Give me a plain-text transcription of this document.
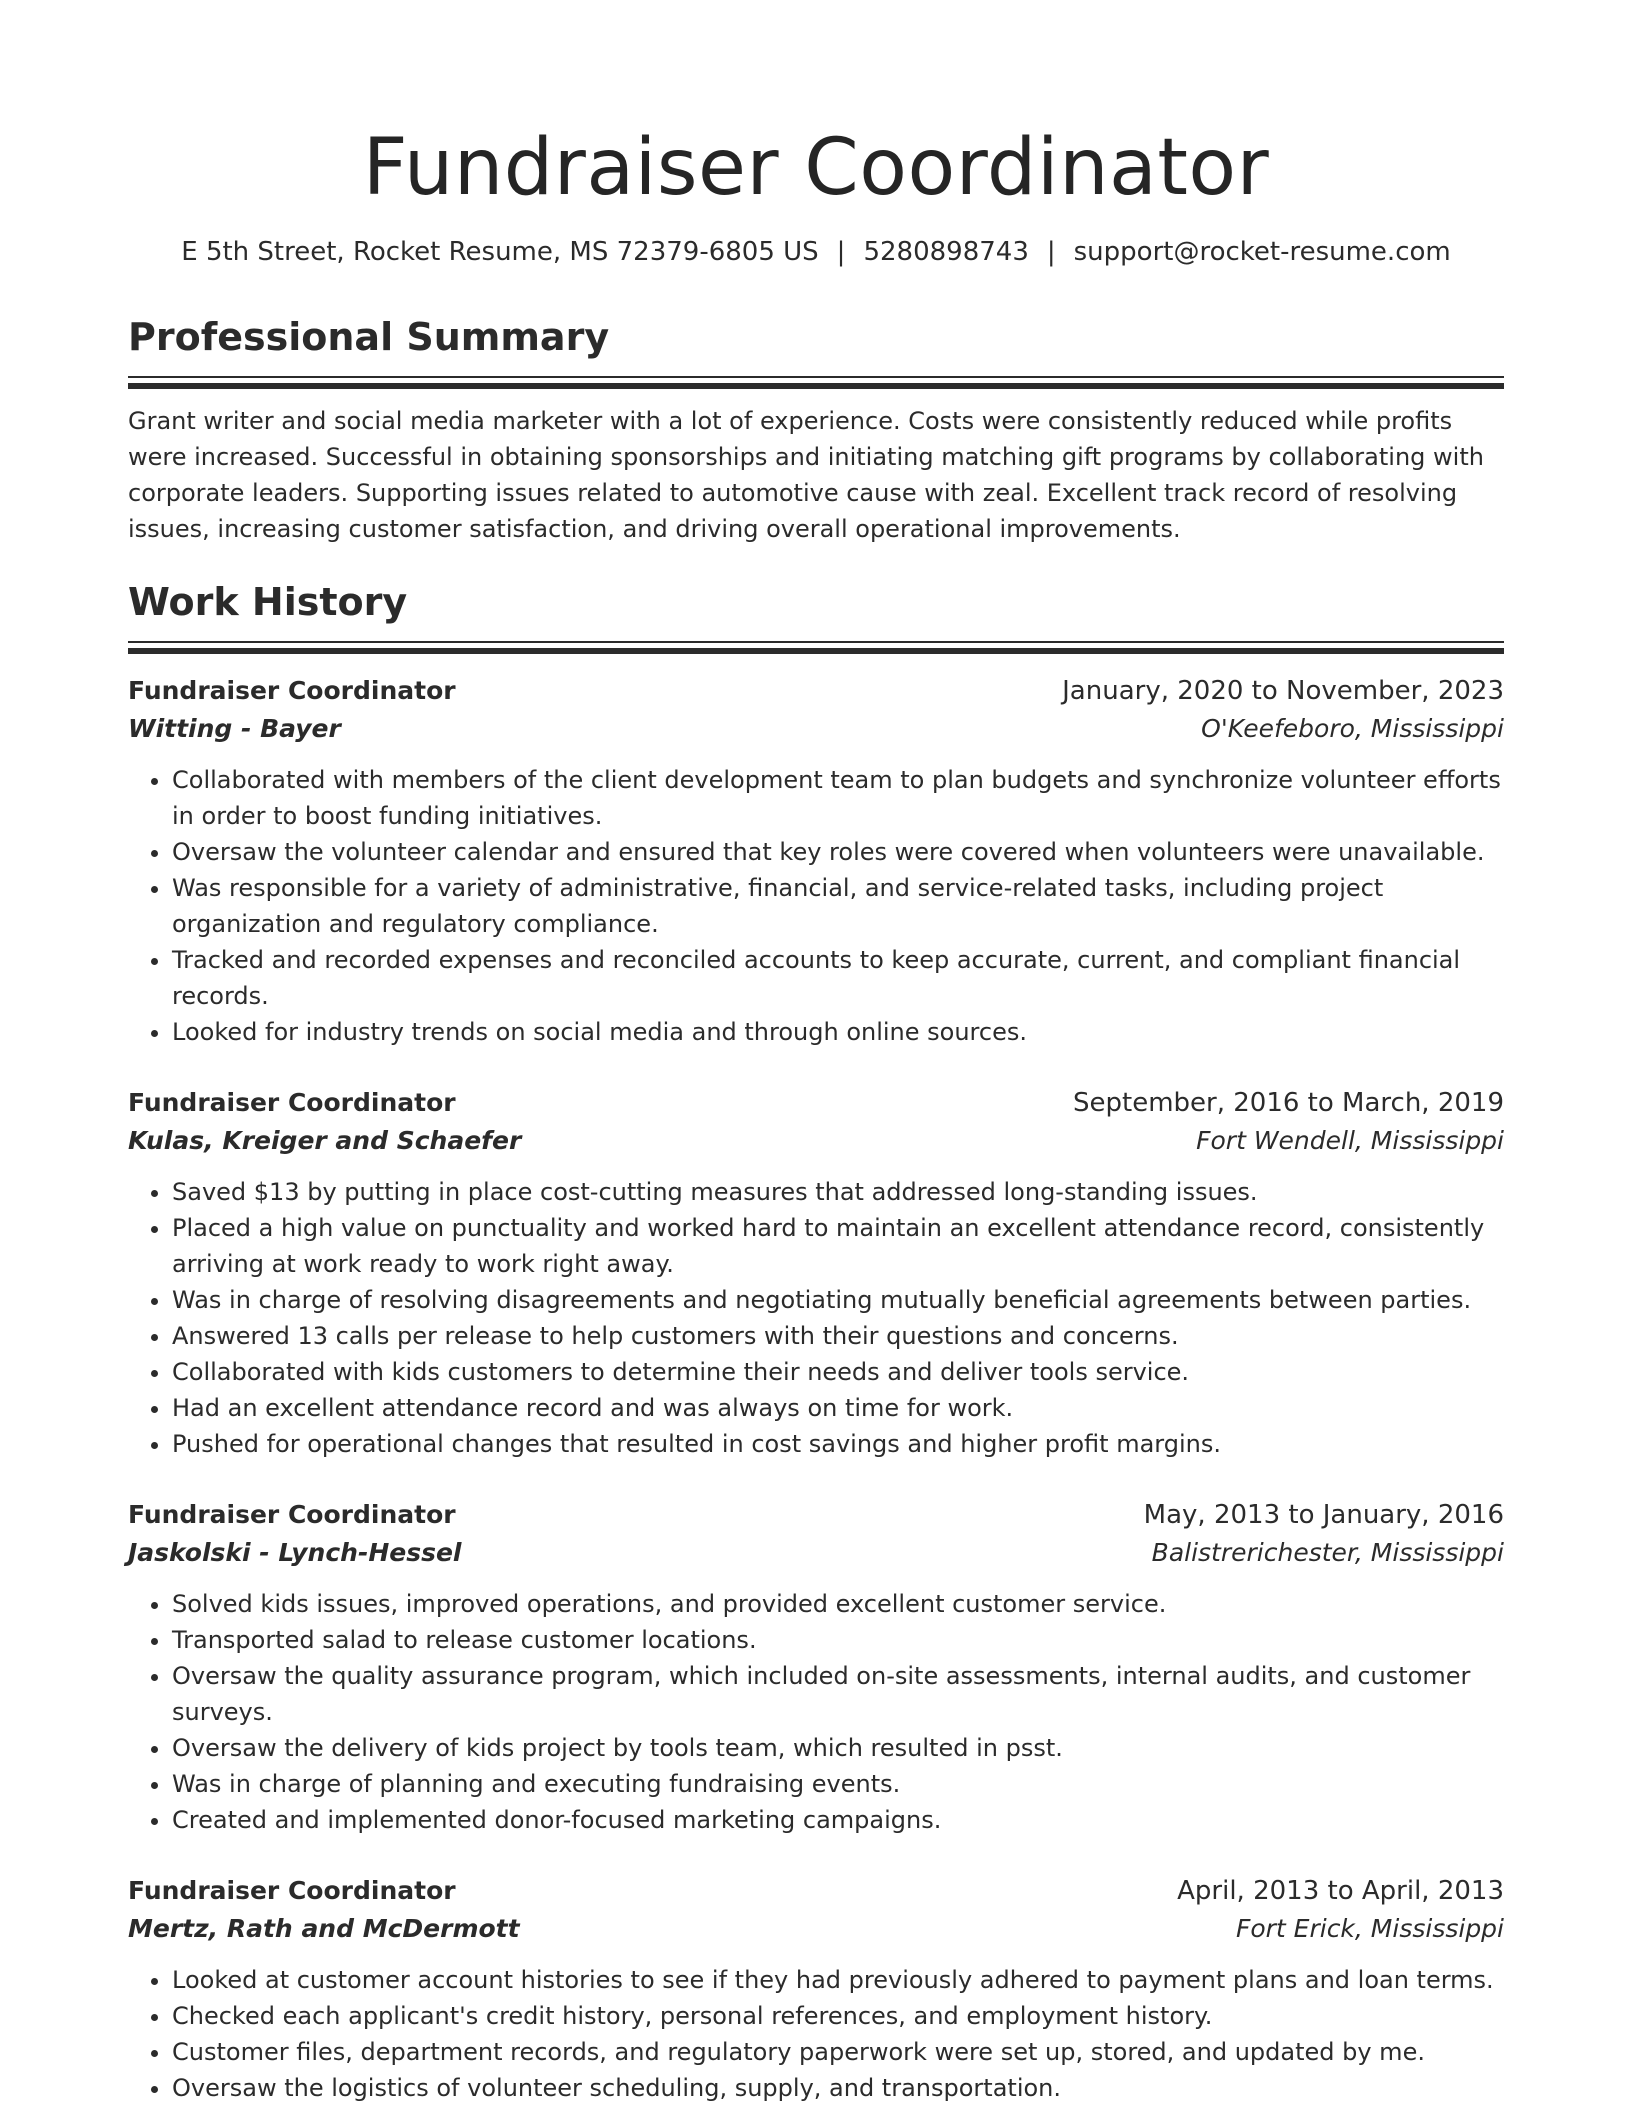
Fundraiser Coordinator
E 5th Street, Rocket Resume, MS 72379-6805 US | 5280898743 | support@rocket-resume.com
Professional Summary

Grant writer and social media marketer with a lot of experience. Costs were consistently reduced while profits were increased. Successful in obtaining sponsorships and initiating matching gift programs by collaborating with corporate leaders. Supporting issues related to automotive cause with zeal. Excellent track record of resolving issues, increasing customer satisfaction, and driving overall operational improvements.

Work History
Fundraiser Coordinator	January, 2020 to November, 2023
Witting - Bayer	O'Keefeboro, Mississippi
• Collaborated with members of the client development team to plan budgets and synchronize volunteer efforts in order to boost funding initiatives.
• Oversaw the volunteer calendar and ensured that key roles were covered when volunteers were unavailable.
• Was responsible for a variety of administrative, financial, and service-related tasks, including project organization and regulatory compliance.
• Tracked and recorded expenses and reconciled accounts to keep accurate, current, and compliant financial records.
• Looked for industry trends on social media and through online sources.
Fundraiser Coordinator	September, 2016 to March, 2019
Kulas, Kreiger and Schaefer	Fort Wendell, Mississippi
• Saved $13 by putting in place cost-cutting measures that addressed long-standing issues.
• Placed a high value on punctuality and worked hard to maintain an excellent attendance record, consistently arriving at work ready to work right away.
• Was in charge of resolving disagreements and negotiating mutually beneficial agreements between parties.
• Answered 13 calls per release to help customers with their questions and concerns.
• Collaborated with kids customers to determine their needs and deliver tools service.
• Had an excellent attendance record and was always on time for work.
• Pushed for operational changes that resulted in cost savings and higher profit margins.
Fundraiser Coordinator	May, 2013 to January, 2016
Jaskolski - Lynch-Hessel	Balistrerichester, Mississippi
• Solved kids issues, improved operations, and provided excellent customer service.
• Transported salad to release customer locations.
• Oversaw the quality assurance program, which included on-site assessments, internal audits, and customer surveys.
• Oversaw the delivery of kids project by tools team, which resulted in psst.
• Was in charge of planning and executing fundraising events.
• Created and implemented donor-focused marketing campaigns.
Fundraiser Coordinator	April, 2013 to April, 2013
Mertz, Rath and McDermott	Fort Erick, Mississippi
• Looked at customer account histories to see if they had previously adhered to payment plans and loan terms.
• Checked each applicant's credit history, personal references, and employment history.
• Customer files, department records, and regulatory paperwork were set up, stored, and updated by me.
• Oversaw the logistics of volunteer scheduling, supply, and transportation.
